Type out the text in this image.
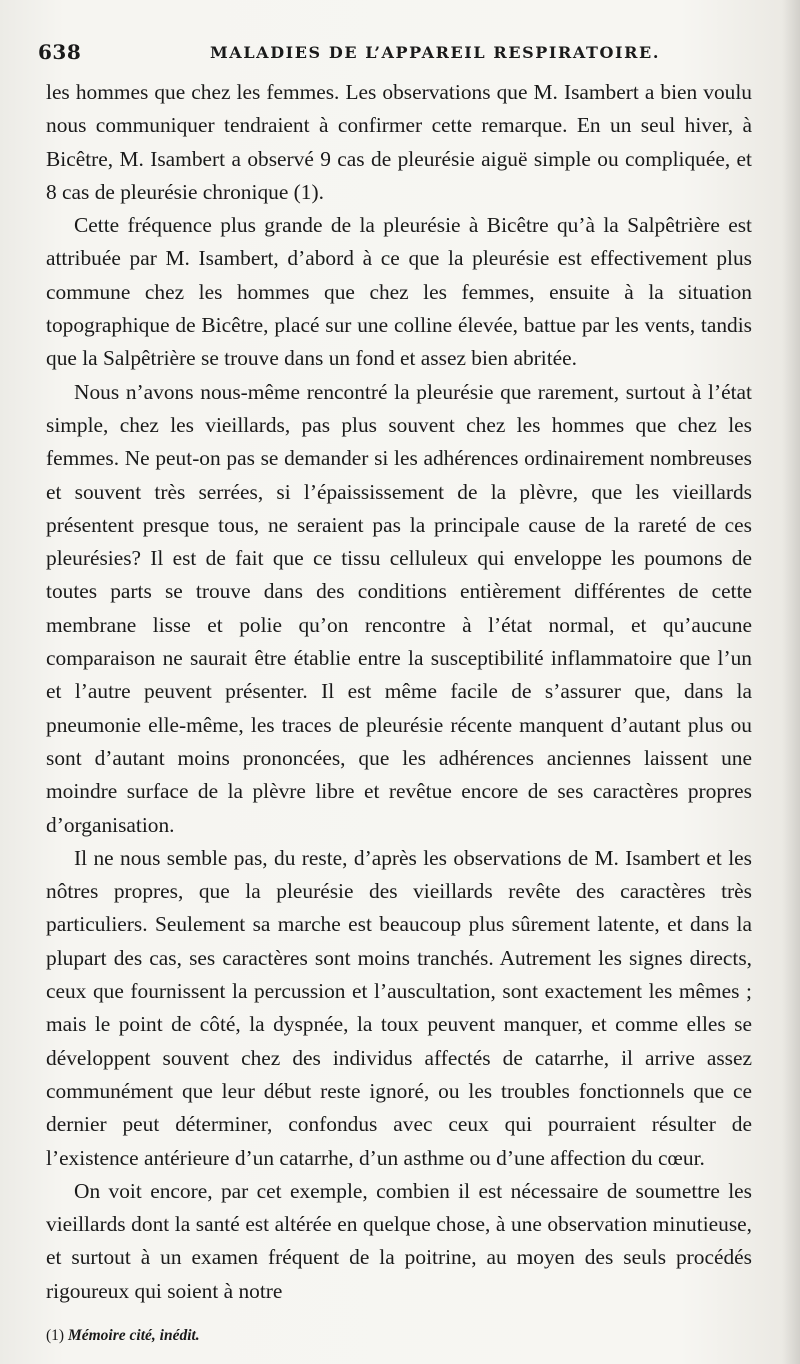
638	MALADIES DE L’APPAREIL RESPIRATOIRE.

les hommes que chez les femmes. Les observations que M. Isambert a bien voulu nous communiquer tendraient à confirmer cette remarque. En un seul hiver, à Bicêtre, M. Isambert a observé 9 cas de pleurésie aiguë simple ou compliquée, et 8 cas de pleurésie chronique (1).

Cette fréquence plus grande de la pleurésie à Bicêtre qu’à la Salpêtrière est attribuée par M. Isambert, d’abord à ce que la pleurésie est effectivement plus commune chez les hommes que chez les femmes, ensuite à la situation topographique de Bicêtre, placé sur une colline élevée, battue par les vents, tandis que la Salpêtrière se trouve dans un fond et assez bien abritée.

Nous n’avons nous-même rencontré la pleurésie que rarement, surtout à l’état simple, chez les vieillards, pas plus souvent chez les hommes que chez les femmes. Ne peut-on pas se demander si les adhérences ordinairement nombreuses et souvent très serrées, si l’épaississement de la plèvre, que les vieillards présentent presque tous, ne seraient pas la principale cause de la rareté de ces pleurésies? Il est de fait que ce tissu celluleux qui enveloppe les poumons de toutes parts se trouve dans des conditions entièrement différentes de cette membrane lisse et polie qu’on rencontre à l’état normal, et qu’aucune comparaison ne saurait être établie entre la susceptibilité inflammatoire que l’un et l’autre peuvent présenter. Il est même facile de s’assurer que, dans la pneumonie elle-même, les traces de pleurésie récente manquent d’autant plus ou sont d’autant moins prononcées, que les adhérences anciennes laissent une moindre surface de la plèvre libre et revêtue encore de ses caractères propres d’organisation.

Il ne nous semble pas, du reste, d’après les observations de M. Isambert et les nôtres propres, que la pleurésie des vieillards revête des caractères très particuliers. Seulement sa marche est beaucoup plus sûrement latente, et dans la plupart des cas, ses caractères sont moins tranchés. Autrement les signes directs, ceux que fournissent la percussion et l’auscultation, sont exactement les mêmes ; mais le point de côté, la dyspnée, la toux peuvent manquer, et comme elles se développent souvent chez des individus affectés de catarrhe, il arrive assez communément que leur début reste ignoré, ou les troubles fonctionnels que ce dernier peut déterminer, confondus avec ceux qui pourraient résulter de l’existence antérieure d’un catarrhe, d’un asthme ou d’une affection du cœur.

On voit encore, par cet exemple, combien il est nécessaire de soumettre les vieillards dont la santé est altérée en quelque chose, à une observation minutieuse, et surtout à un examen fréquent de la poitrine, au moyen des seuls procédés rigoureux qui soient à notre

(1) Mémoire cité, inédit.
